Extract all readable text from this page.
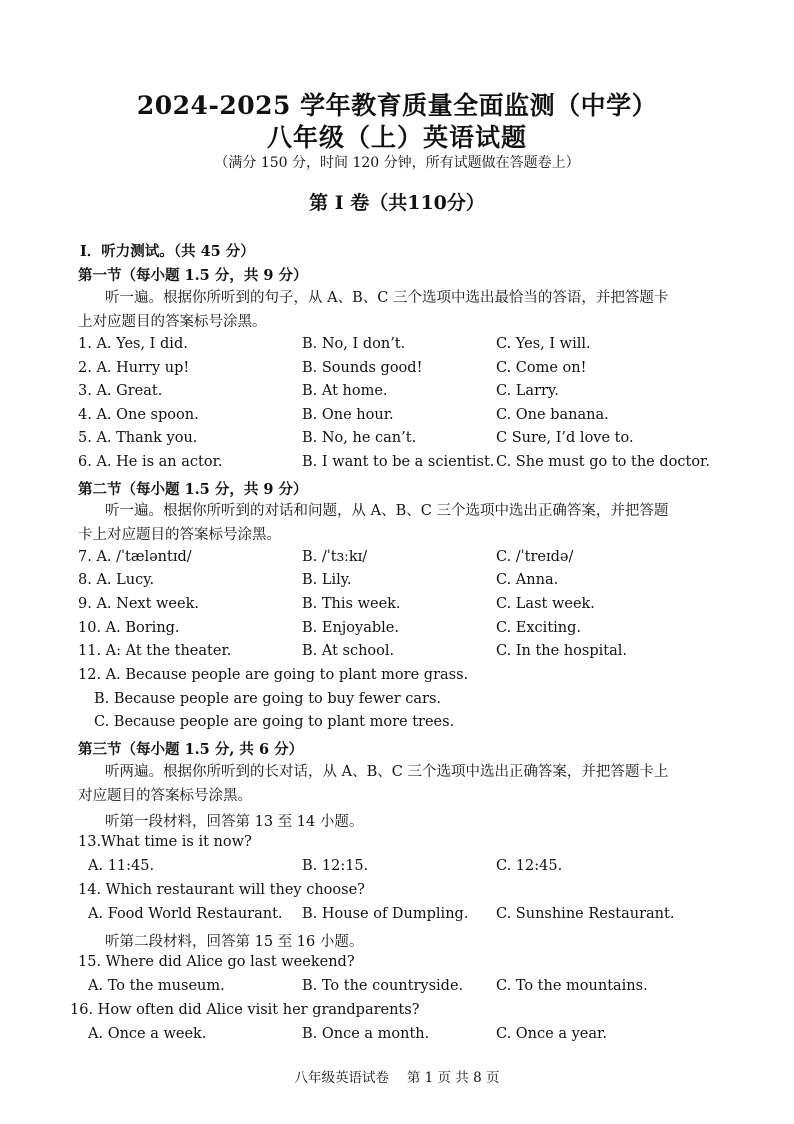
2024-2025 学年教育质量全面监测（中学）
八年级（上）英语试题
（满分 150 分，时间 120 分钟，所有试题做在答题卷上）
第 I 卷（共110分）
I．听力测试。（共 45 分）
第一节（每小题 1.5 分，共 9 分）
听一遍。根据你所听到的句子，从 A、B、C 三个选项中选出最恰当的答语，并把答题卡
上对应题目的答案标号涂黑。
1. A. Yes, I did.	B. No, I don’t.	C. Yes, I will.
2. A. Hurry up!	B. Sounds good!	C. Come on!
3. A. Great.	B. At home.	C. Larry.
4. A. One spoon.	B. One hour.	C. One banana.
5. A. Thank you.	B. No, he can’t.	C Sure, I’d love to.
6. A. He is an actor.	B. I want to be a scientist. C. She must go to the doctor.
第二节（每小题 1.5 分，共 9 分）
听一遍。根据你所听到的对话和问题，从 A、B、C 三个选项中选出正确答案，并把答题
卡上对应题目的答案标号涂黑。
7. A. /ˈtæləntɪd/	B. /ˈtɜːkɪ/	C. /ˈtreɪdə/
8. A. Lucy.	B. Lily.	C. Anna.
9. A. Next week.	B. This week.	C. Last week.
10. A. Boring.	B. Enjoyable.	C. Exciting.
11. A: At the theater.	B. At school.	C. In the hospital.
12. A. Because people are going to plant more grass.
B. Because people are going to buy fewer cars.
C. Because people are going to plant more trees.
第三节（每小题 1.5 分, 共 6 分）
听两遍。根据你所听到的长对话，从 A、B、C 三个选项中选出正确答案，并把答题卡上
对应题目的答案标号涂黑。
听第一段材料，回答第 13 至 14 小题。
13.What time is it now?
A. 11:45.	B. 12:15.	C. 12:45.
14. Which restaurant will they choose?
A. Food World Restaurant. B. House of Dumpling. C. Sunshine Restaurant.
听第二段材料，回答第 15 至 16 小题。
15. Where did Alice go last weekend?
A. To the museum.	B. To the countryside. C. To the mountains.
16. How often did Alice visit her grandparents?
A. Once a week.	B. Once a month.	C. Once a year.
八年级英语试卷　 第 1 页 共 8 页
